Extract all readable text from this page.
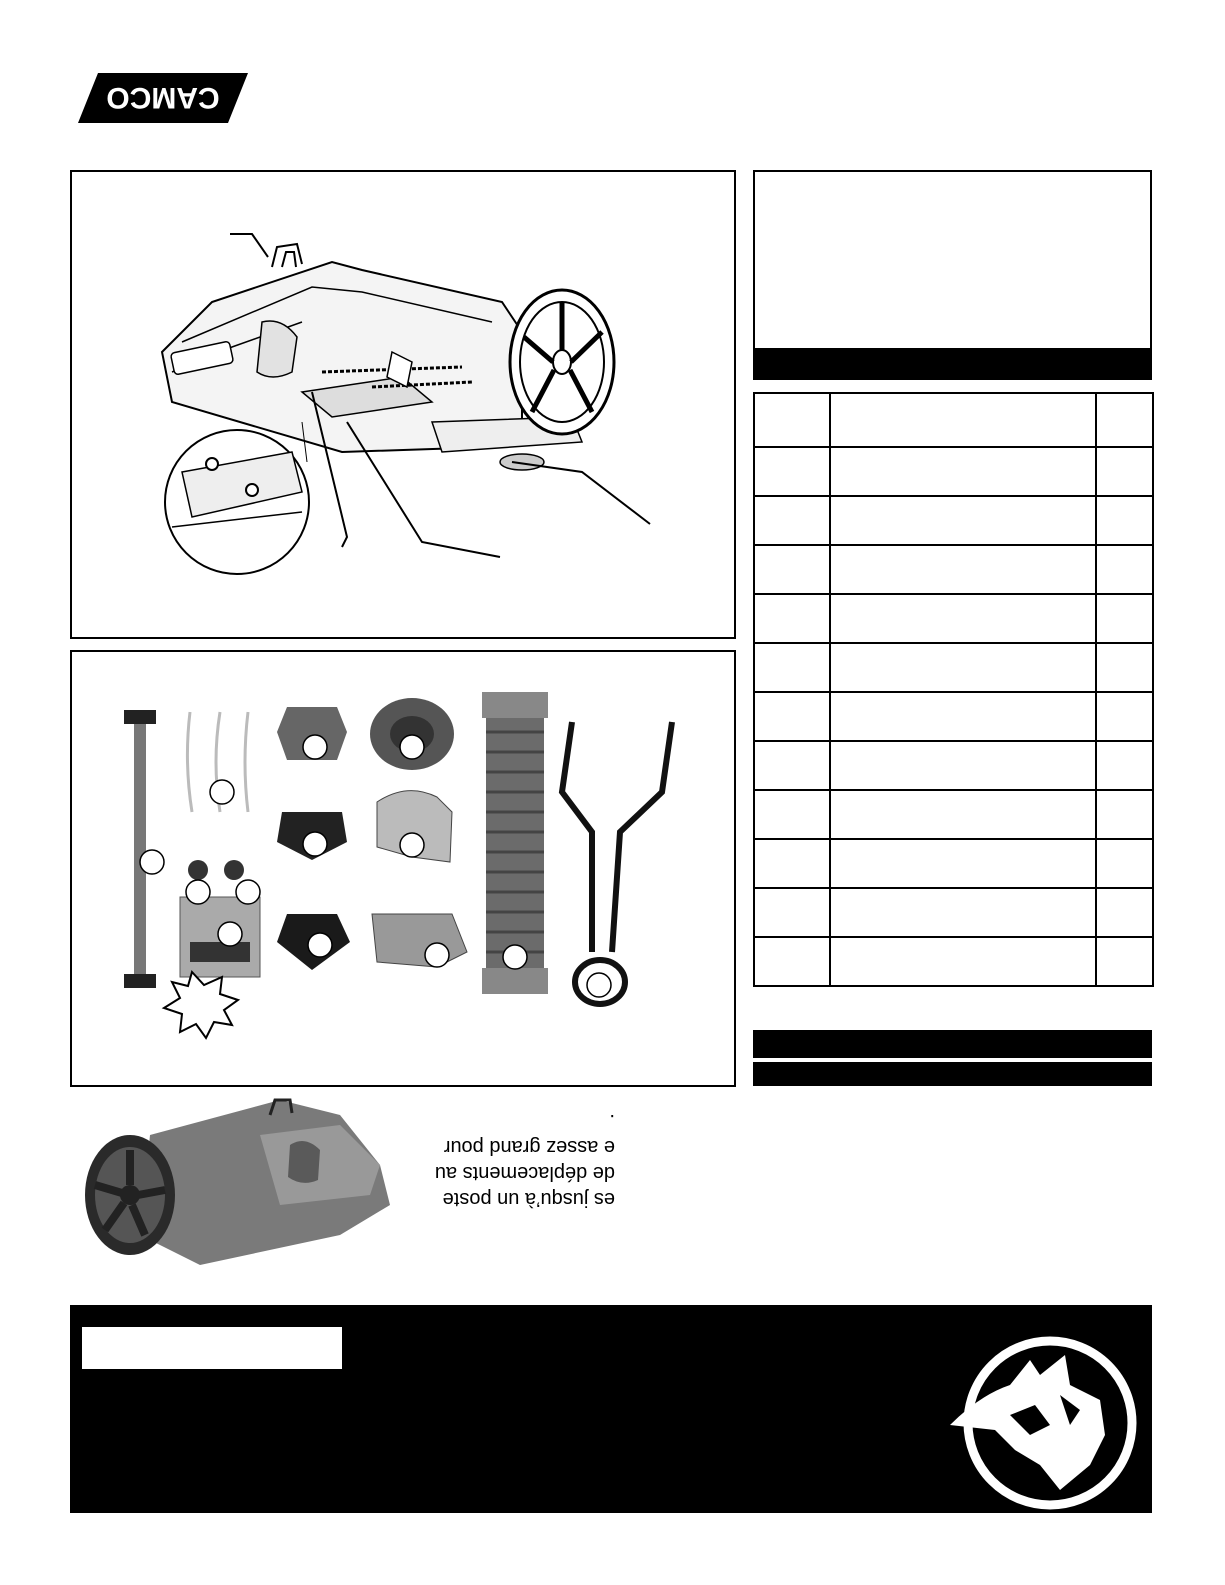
CAMCO

es jusqu’à un poste
de déplacements au
e assez grand pour
.
